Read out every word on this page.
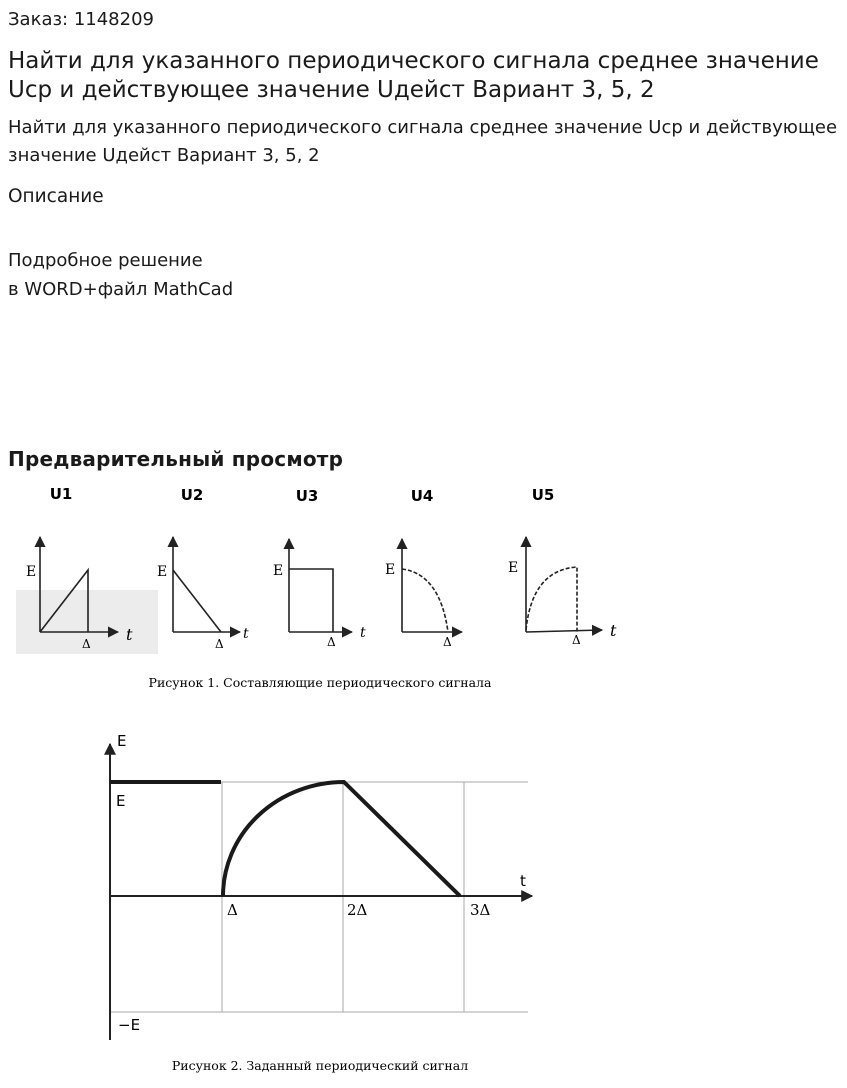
Заказ: 1148209
Найти для указанного периодического сигнала среднее значение Uср и действующее значение Uдейст Вариант 3, 5, 2
Найти для указанного периодического сигнала среднее значение Uср и действующее значение Uдейст Вариант 3, 5, 2
Описание
Подробное решение
в WORD+файл MathCad
Предварительный просмотр
U1	U2	U3	U4	U5
E
Δ t
E
Δ
t
E
Δ
t
E
Δ
E
Δ t
Рисунок 1. Составляющие периодического сигнала
E
E
−E
t
Δ	2Δ	3Δ
Рисунок 2. Заданный периодический сигнал
